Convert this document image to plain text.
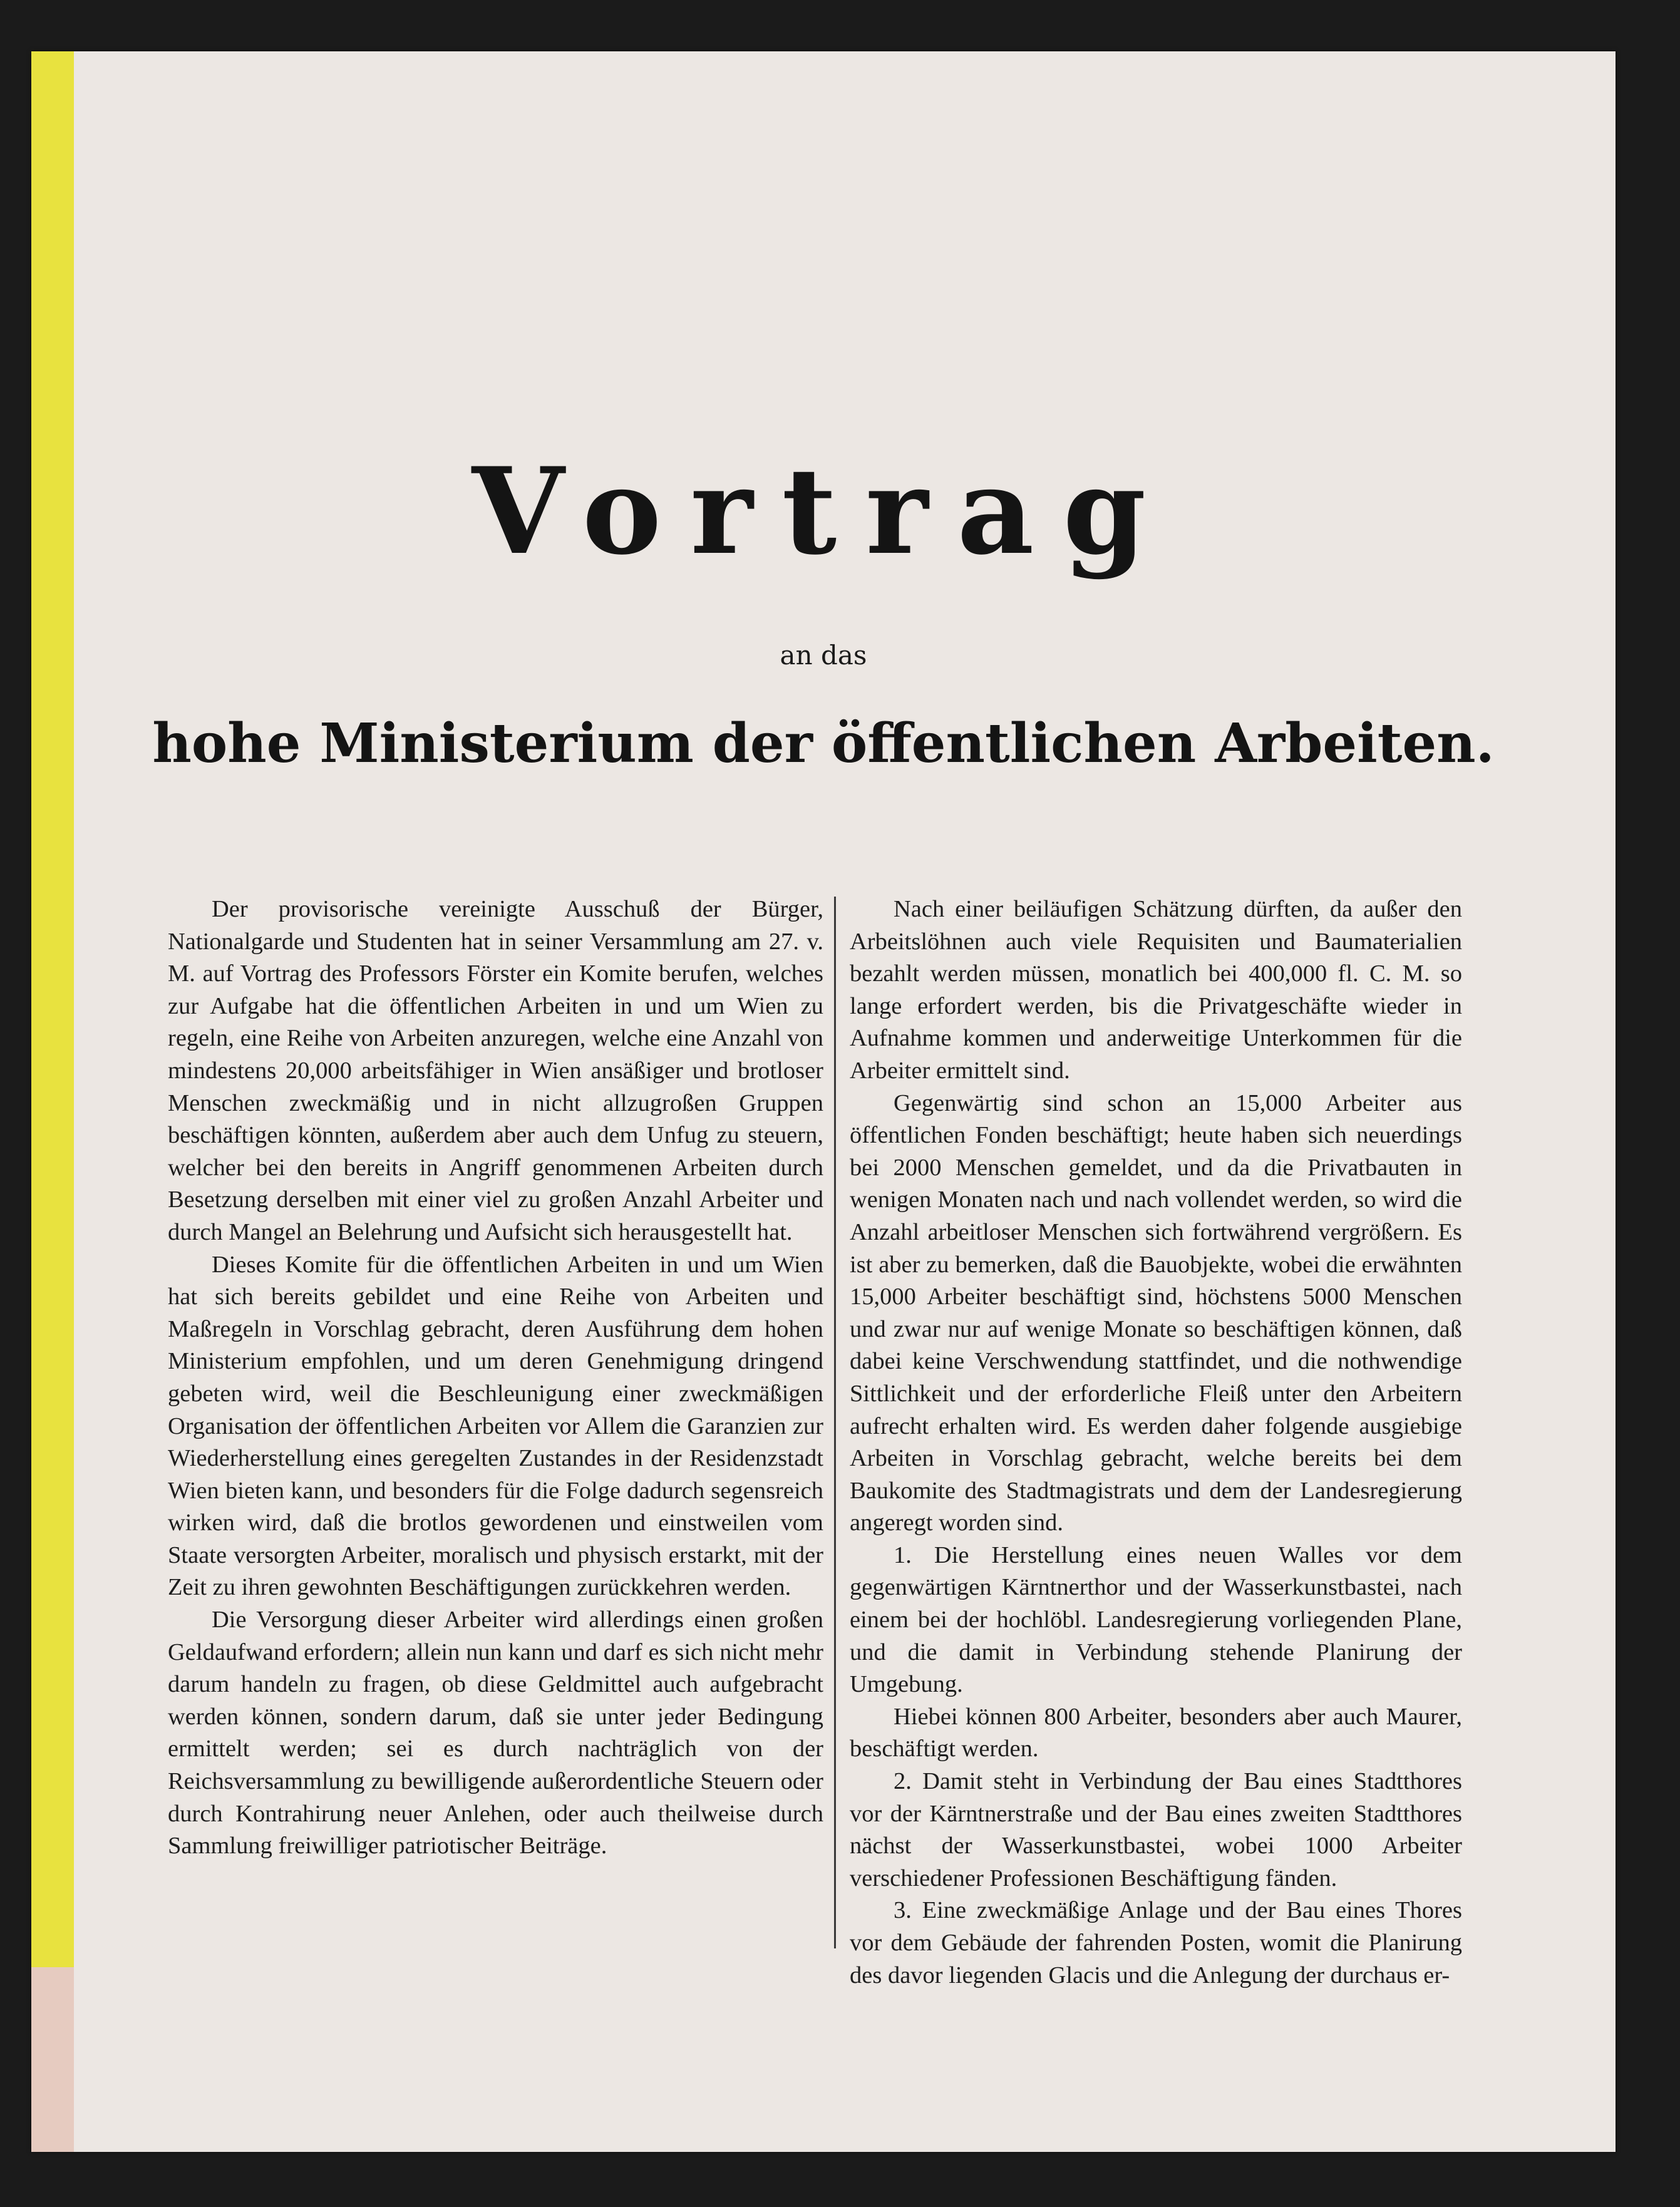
Vortrag
an das
hohe Ministerium der öffentlichen Arbeiten.

Der provisorische vereinigte Ausschuß der Bürger, Nationalgarde und Studenten hat in seiner Versammlung am 27. v. M. auf Vortrag des Professors Förster ein Komite berufen, welches zur Aufgabe hat die öffentlichen Arbeiten in und um Wien zu regeln, eine Reihe von Arbeiten anzuregen, welche eine Anzahl von mindestens 20,000 arbeitsfähiger in Wien ansäßiger und brotloser Menschen zweckmäßig und in nicht allzugroßen Gruppen beschäftigen könnten, außerdem aber auch dem Unfug zu steuern, welcher bei den bereits in Angriff genommenen Arbeiten durch Besetzung derselben mit einer viel zu großen Anzahl Arbeiter und durch Mangel an Belehrung und Aufsicht sich herausgestellt hat.

Dieses Komite für die öffentlichen Arbeiten in und um Wien hat sich bereits gebildet und eine Reihe von Arbeiten und Maßregeln in Vorschlag gebracht, deren Ausführung dem hohen Ministerium empfohlen, und um deren Genehmigung dringend gebeten wird, weil die Beschleunigung einer zweckmäßigen Organisation der öffentlichen Arbeiten vor Allem die Garanzien zur Wiederherstellung eines geregelten Zustandes in der Residenzstadt Wien bieten kann, und besonders für die Folge dadurch segensreich wirken wird, daß die brotlos gewordenen und einstweilen vom Staate versorgten Arbeiter, moralisch und physisch erstarkt, mit der Zeit zu ihren gewohnten Beschäftigungen zurückkehren werden.

Die Versorgung dieser Arbeiter wird allerdings einen großen Geldaufwand erfordern; allein nun kann und darf es sich nicht mehr darum handeln zu fragen, ob diese Geldmittel auch aufgebracht werden können, sondern darum, daß sie unter jeder Bedingung ermittelt werden; sei es durch nachträglich von der Reichsversammlung zu bewilligende außerordentliche Steuern oder durch Kontrahirung neuer Anlehen, oder auch theilweise durch Sammlung freiwilliger patriotischer Beiträge.

Nach einer beiläufigen Schätzung dürften, da außer den Arbeitslöhnen auch viele Requisiten und Baumaterialien bezahlt werden müssen, monatlich bei 400,000 fl. C. M. so lange erfordert werden, bis die Privatgeschäfte wieder in Aufnahme kommen und anderweitige Unterkommen für die Arbeiter ermittelt sind.

Gegenwärtig sind schon an 15,000 Arbeiter aus öffentlichen Fonden beschäftigt; heute haben sich neuerdings bei 2000 Menschen gemeldet, und da die Privatbauten in wenigen Monaten nach und nach vollendet werden, so wird die Anzahl arbeitloser Menschen sich fortwährend vergrößern. Es ist aber zu bemerken, daß die Bauobjekte, wobei die erwähnten 15,000 Arbeiter beschäftigt sind, höchstens 5000 Menschen und zwar nur auf wenige Monate so beschäftigen können, daß dabei keine Verschwendung stattfindet, und die nothwendige Sittlichkeit und der erforderliche Fleiß unter den Arbeitern aufrecht erhalten wird. Es werden daher folgende ausgiebige Arbeiten in Vorschlag gebracht, welche bereits bei dem Baukomite des Stadtmagistrats und dem der Landesregierung angeregt worden sind.

1. Die Herstellung eines neuen Walles vor dem gegenwärtigen Kärntnerthor und der Wasserkunstbastei, nach einem bei der hochlöbl. Landesregierung vorliegenden Plane, und die damit in Verbindung stehende Planirung der Umgebung.

Hiebei können 800 Arbeiter, besonders aber auch Maurer, beschäftigt werden.

2. Damit steht in Verbindung der Bau eines Stadtthores vor der Kärntnerstraße und der Bau eines zweiten Stadtthores nächst der Wasserkunstbastei, wobei 1000 Arbeiter verschiedener Professionen Beschäftigung fänden.

3. Eine zweckmäßige Anlage und der Bau eines Thores vor dem Gebäude der fahrenden Posten, womit die Planirung des davor liegenden Glacis und die Anlegung der durchaus er-
